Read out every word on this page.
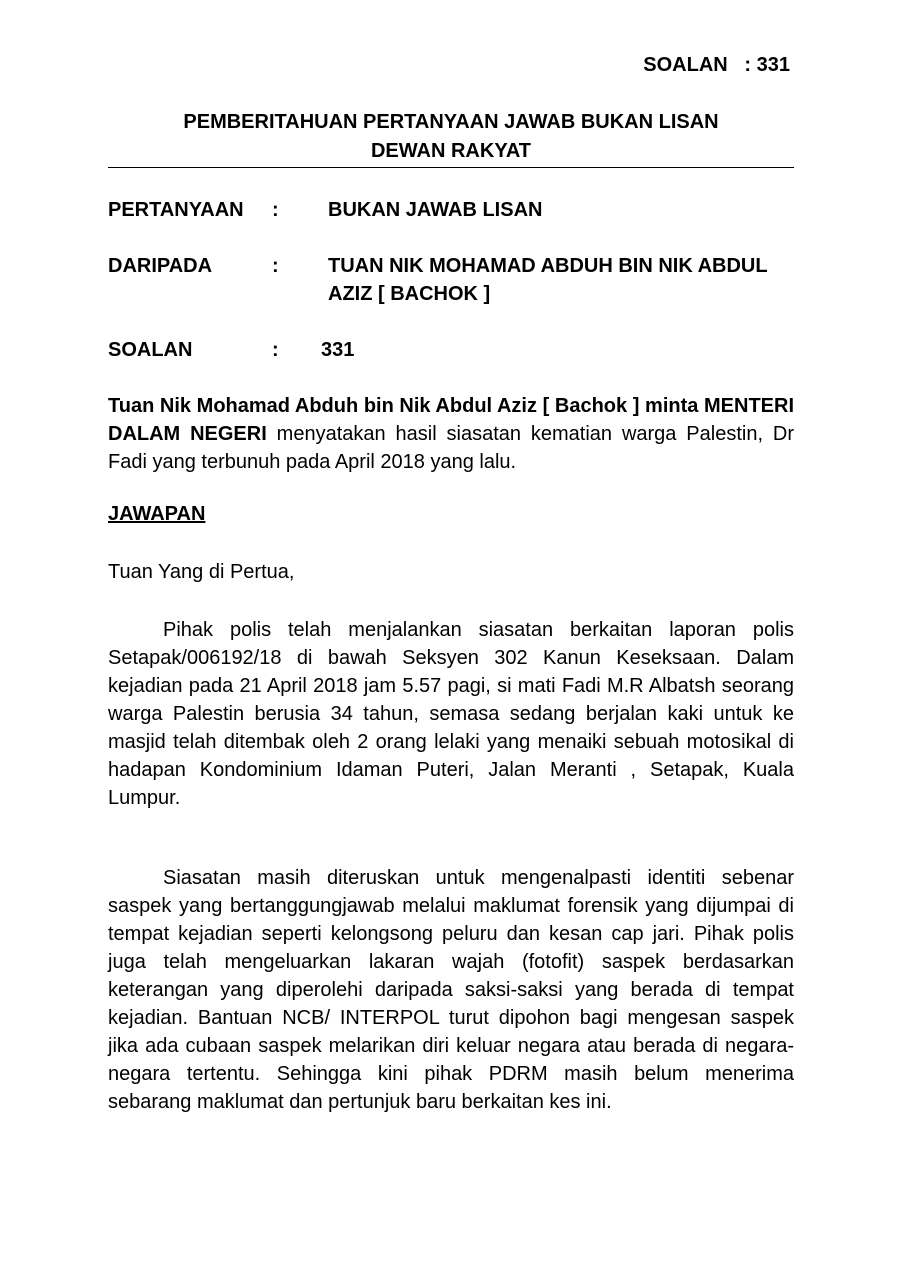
SOALAN : 331
PEMBERITAHUAN PERTANYAAN JAWAB BUKAN LISAN
DEWAN RAKYAT
PERTANYAAN : BUKAN JAWAB LISAN
DARIPADA	: TUAN NIK MOHAMAD ABDUH BIN NIK ABDUL AZIZ [ BACHOK ]
SOALAN	: 331
Tuan Nik Mohamad Abduh bin Nik Abdul Aziz [ Bachok ] minta MENTERI DALAM NEGERI menyatakan hasil siasatan kematian warga Palestin, Dr Fadi yang terbunuh pada April 2018 yang lalu.
JAWAPAN
Tuan Yang di Pertua,
Pihak polis telah menjalankan siasatan berkaitan laporan polis Setapak/006192/18 di bawah Seksyen 302 Kanun Keseksaan. Dalam kejadian pada 21 April 2018 jam 5.57 pagi, si mati Fadi M.R Albatsh seorang warga Palestin berusia 34 tahun, semasa sedang berjalan kaki untuk ke masjid telah ditembak oleh 2 orang lelaki yang menaiki sebuah motosikal di hadapan Kondominium Idaman Puteri, Jalan Meranti , Setapak, Kuala Lumpur.
Siasatan masih diteruskan untuk mengenalpasti identiti sebenar saspek yang bertanggungjawab melalui maklumat forensik yang dijumpai di tempat kejadian seperti kelongsong peluru dan kesan cap jari. Pihak polis juga telah mengeluarkan lakaran wajah (fotofit) saspek berdasarkan keterangan yang diperolehi daripada saksi-saksi yang berada di tempat kejadian. Bantuan NCB/ INTERPOL turut dipohon bagi mengesan saspek jika ada cubaan saspek melarikan diri keluar negara atau berada di negara-negara tertentu. Sehingga kini pihak PDRM masih belum menerima sebarang maklumat dan pertunjuk baru berkaitan kes ini.
